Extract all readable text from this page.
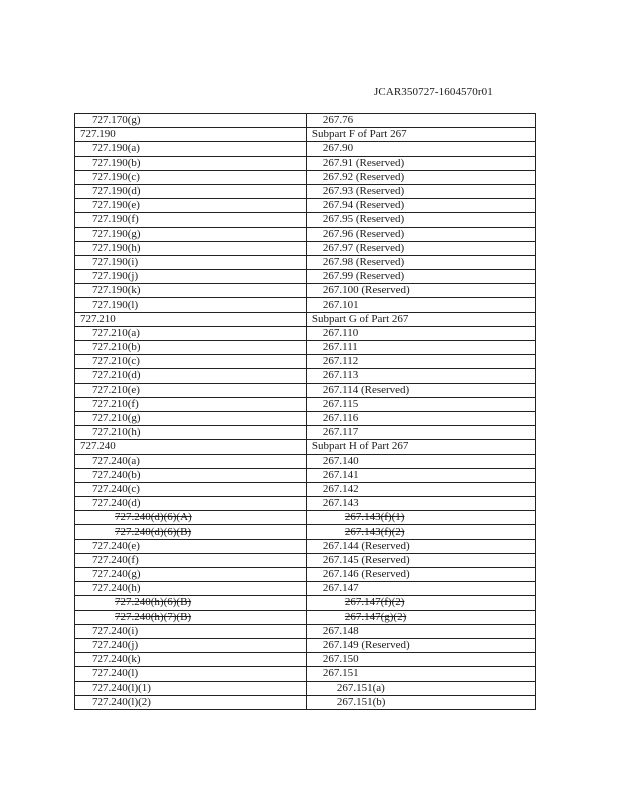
JCAR350727-1604570r01
727.170(g)	267.76
727.190	Subpart F of Part 267
727.190(a)	267.90
727.190(b)	267.91 (Reserved)
727.190(c)	267.92 (Reserved)
727.190(d)	267.93 (Reserved)
727.190(e)	267.94 (Reserved)
727.190(f)	267.95 (Reserved)
727.190(g)	267.96 (Reserved)
727.190(h)	267.97 (Reserved)
727.190(i)	267.98 (Reserved)
727.190(j)	267.99 (Reserved)
727.190(k)	267.100 (Reserved)
727.190(l)	267.101
727.210	Subpart G of Part 267
727.210(a)	267.110
727.210(b)	267.111
727.210(c)	267.112
727.210(d)	267.113
727.210(e)	267.114 (Reserved)
727.210(f)	267.115
727.210(g)	267.116
727.210(h)	267.117
727.240	Subpart H of Part 267
727.240(a)	267.140
727.240(b)	267.141
727.240(c)	267.142
727.240(d)	267.143
727.240(d)(6)(A)	267.143(f)(1)
727.240(d)(6)(B)	267.143(f)(2)
727.240(e)	267.144 (Reserved)
727.240(f)	267.145 (Reserved)
727.240(g)	267.146 (Reserved)
727.240(h)	267.147
727.240(h)(6)(B)	267.147(f)(2)
727.240(h)(7)(B)	267.147(g)(2)
727.240(i)	267.148
727.240(j)	267.149 (Reserved)
727.240(k)	267.150
727.240(l)	267.151
727.240(l)(1)	267.151(a)
727.240(l)(2)	267.151(b)
